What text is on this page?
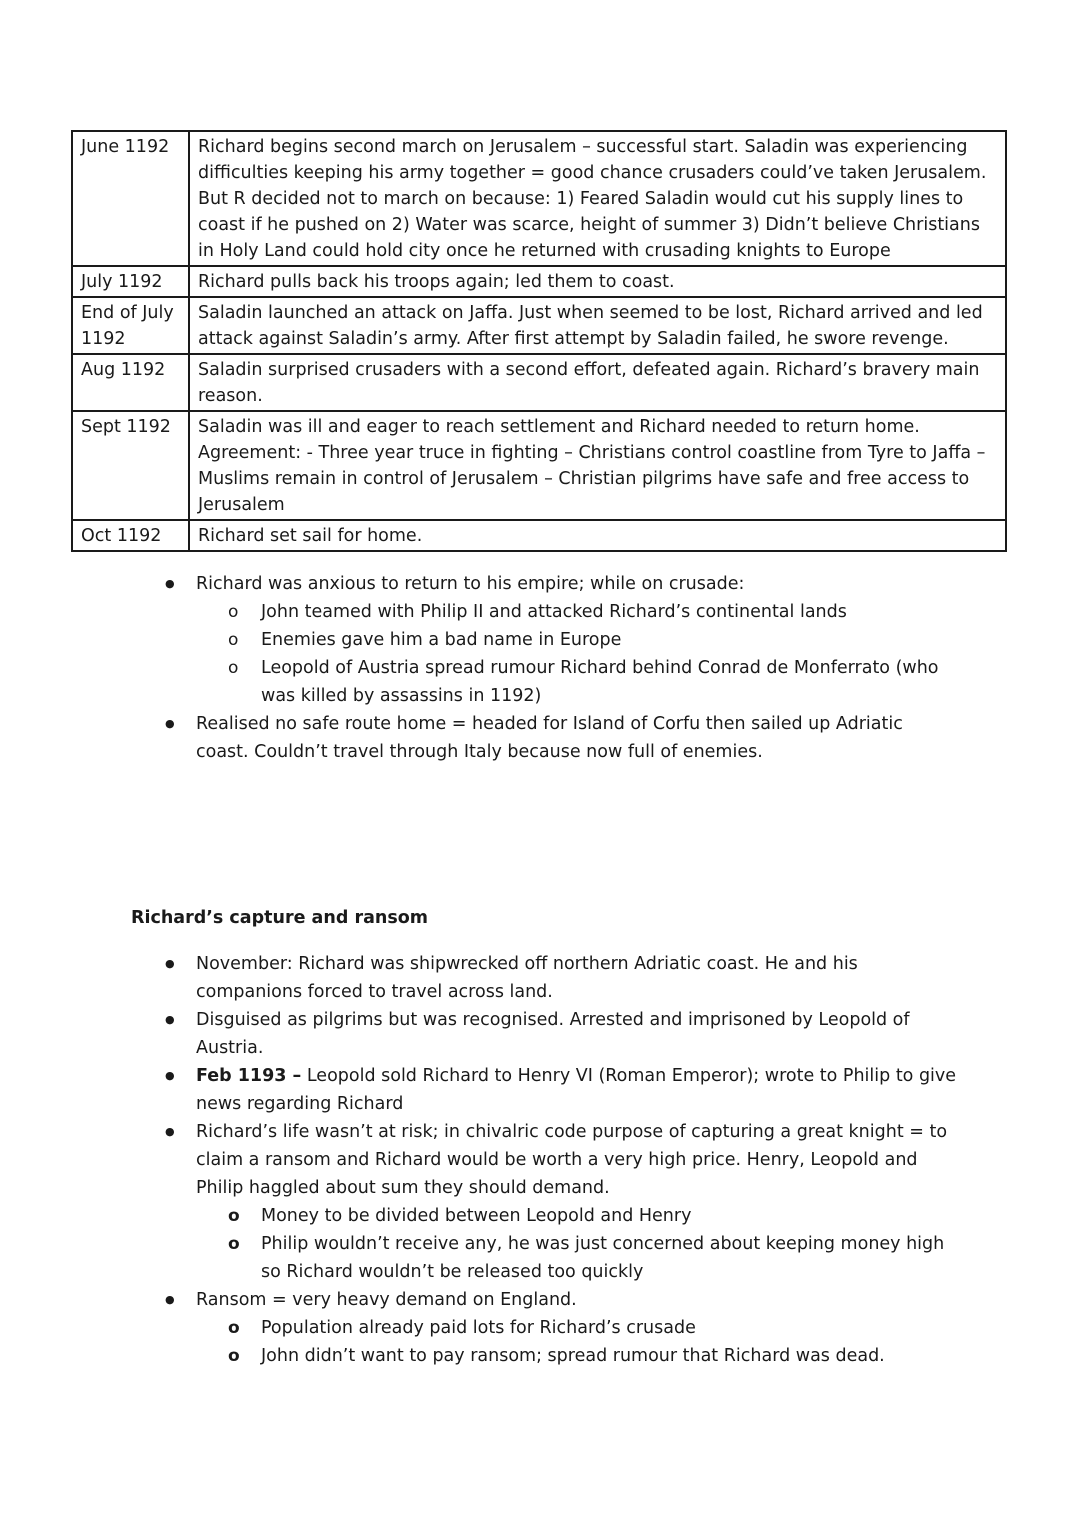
June 1192	Richard begins second march on Jerusalem – successful start. Saladin was experiencing difficulties keeping his army together = good chance crusaders could’ve taken Jerusalem. But R decided not to march on because: 1) Feared Saladin would cut his supply lines to coast if he pushed on 2) Water was scarce, height of summer 3) Didn’t believe Christians in Holy Land could hold city once he returned with crusading knights to Europe
July 1192	Richard pulls back his troops again; led them to coast.
End of July 1192	Saladin launched an attack on Jaffa. Just when seemed to be lost, Richard arrived and led attack against Saladin’s army. After first attempt by Saladin failed, he swore revenge.
Aug 1192	Saladin surprised crusaders with a second effort, defeated again. Richard’s bravery main reason.
Sept 1192	Saladin was ill and eager to reach settlement and Richard needed to return home. Agreement: - Three year truce in fighting – Christians control coastline from Tyre to Jaffa – Muslims remain in control of Jerusalem – Christian pilgrims have safe and free access to Jerusalem
Oct 1192	Richard set sail for home.
● Richard was anxious to return to his empire; while on crusade:
o John teamed with Philip II and attacked Richard’s continental lands
o Enemies gave him a bad name in Europe
o Leopold of Austria spread rumour Richard behind Conrad de Monferrato (who was killed by assassins in 1192)
● Realised no safe route home = headed for Island of Corfu then sailed up Adriatic coast. Couldn’t travel through Italy because now full of enemies.
Richard’s capture and ransom
● November: Richard was shipwrecked off northern Adriatic coast. He and his companions forced to travel across land.
● Disguised as pilgrims but was recognised. Arrested and imprisoned by Leopold of Austria.
● Feb 1193 – Leopold sold Richard to Henry VI (Roman Emperor); wrote to Philip to give news regarding Richard
● Richard’s life wasn’t at risk; in chivalric code purpose of capturing a great knight = to claim a ransom and Richard would be worth a very high price. Henry, Leopold and Philip haggled about sum they should demand.
o Money to be divided between Leopold and Henry
o Philip wouldn’t receive any, he was just concerned about keeping money high so Richard wouldn’t be released too quickly
● Ransom = very heavy demand on England.
o Population already paid lots for Richard’s crusade
o John didn’t want to pay ransom; spread rumour that Richard was dead.
